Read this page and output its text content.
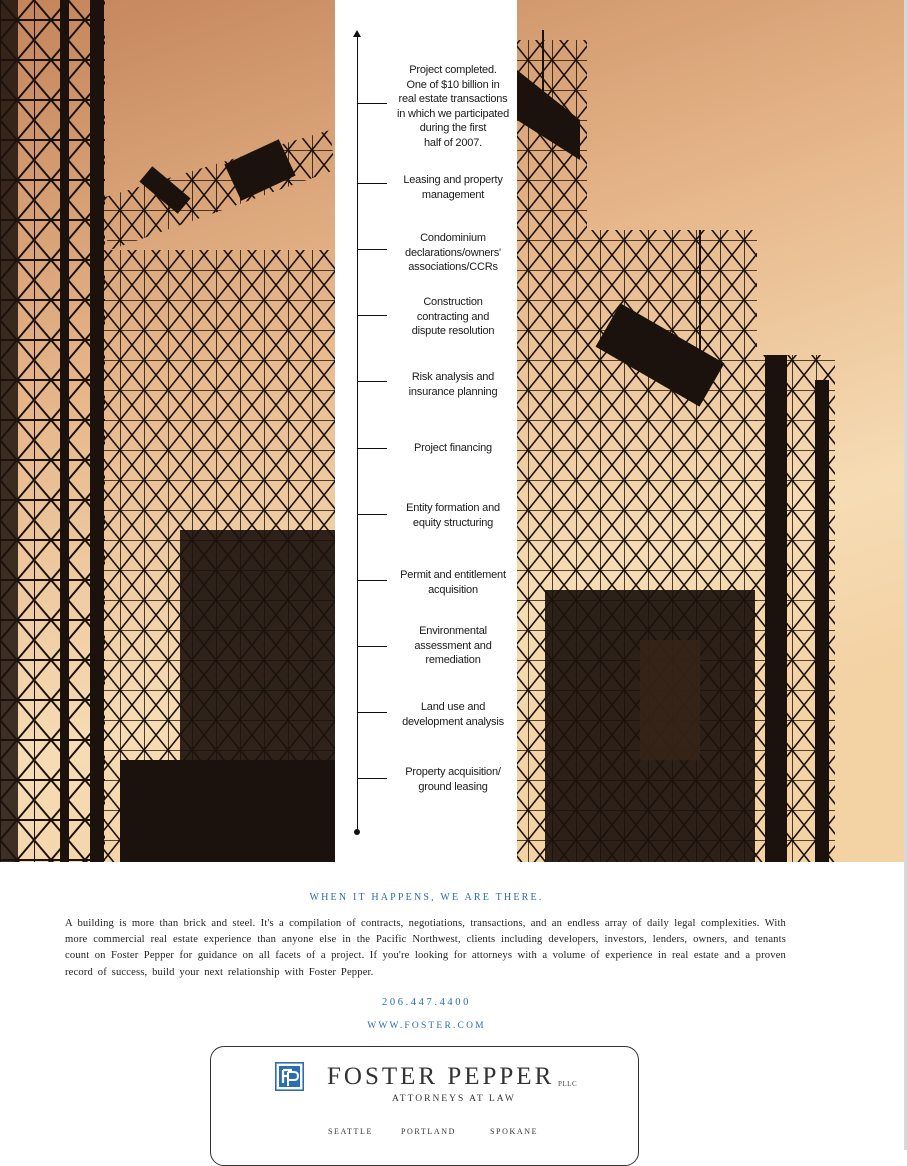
Project completed.
One of $10 billion in
real estate transactions
in which we participated
during the first
half of 2007.
Leasing and property
management
Condominium
declarations/owners'
associations/CCRs
Construction
contracting and
dispute resolution
Risk analysis and
insurance planning
Project financing
Entity formation and
equity structuring
Permit and entitlement
acquisition
Environmental
assessment and
remediation
Land use and
development analysis
Property acquisition/
ground leasing
WHEN IT HAPPENS, WE ARE THERE.
A building is more than brick and steel. It's a compilation of contracts, negotiations, transactions, and an endless array of daily legal complexities. With more commercial real estate experience than anyone else in the Pacific Northwest, clients including developers, investors, lenders, owners, and tenants count on Foster Pepper for guidance on all facets of a project. If you're looking for attorneys with a volume of experience in real estate and a proven record of success, build your next relationship with Foster Pepper.
206.447.4400
WWW.FOSTER.COM
FOSTER PEPPER PLLC
ATTORNEYS AT LAW
SEATTLE	PORTLAND	SPOKANE
